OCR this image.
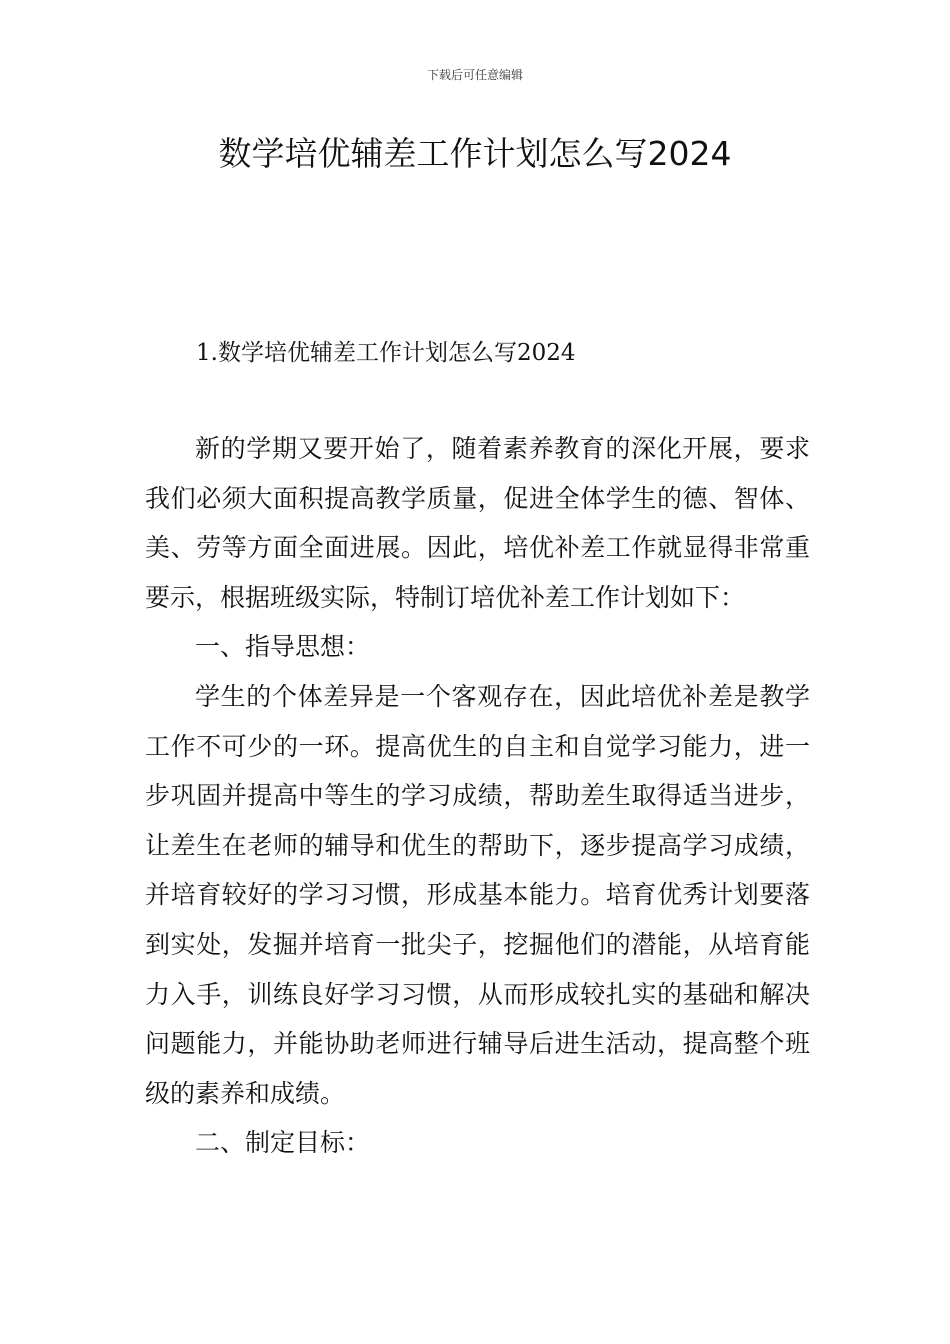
下载后可任意编辑
数学培优辅差工作计划怎么写2024
1.数学培优辅差工作计划怎么写2024

新的学期又要开始了，随着素养教育的深化开展，要求我们必须大面积提高教学质量，促进全体学生的德、智体、美、劳等方面全面进展。因此，培优补差工作就显得非常重要示，根据班级实际，特制订培优补差工作计划如下：

一、指导思想：

学生的个体差异是一个客观存在，因此培优补差是教学工作不可少的一环。提高优生的自主和自觉学习能力，进一步巩固并提高中等生的学习成绩，帮助差生取得适当进步，让差生在老师的辅导和优生的帮助下，逐步提高学习成绩，并培育较好的学习习惯，形成基本能力。培育优秀计划要落到实处，发掘并培育一批尖子，挖掘他们的潜能，从培育能力入手，训练良好学习习惯，从而形成较扎实的基础和解决问题能力，并能协助老师进行辅导后进生活动，提高整个班级的素养和成绩。

二、制定目标：
